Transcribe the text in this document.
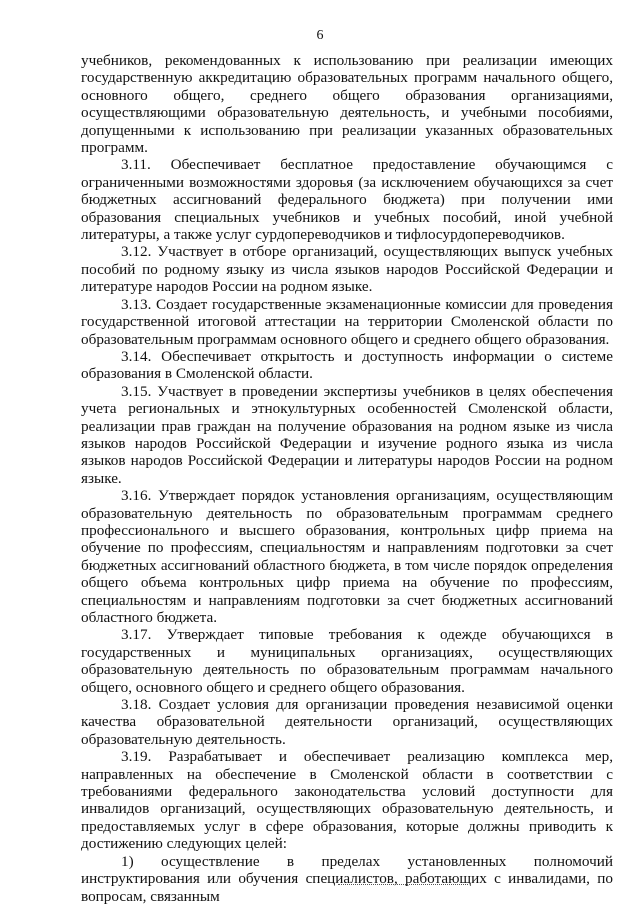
6

учебников, рекомендованных к использованию при реализации имеющих государственную аккредитацию образовательных программ начального общего, основного общего, среднего общего образования организациями, осуществляющими образовательную деятельность, и учебными пособиями, допущенными к использованию при реализации указанных образовательных программ.

3.11. Обеспечивает бесплатное предоставление обучающимся с ограниченными возможностями здоровья (за исключением обучающихся за счет бюджетных ассигнований федерального бюджета) при получении ими образования специальных учебников и учебных пособий, иной учебной литературы, а также услуг сурдопереводчиков и тифлосурдопереводчиков.

3.12. Участвует в отборе организаций, осуществляющих выпуск учебных пособий по родному языку из числа языков народов Российской Федерации и литературе народов России на родном языке.

3.13. Создает государственные экзаменационные комиссии для проведения государственной итоговой аттестации на территории Смоленской области по образовательным программам основного общего и среднего общего образования.

3.14. Обеспечивает открытость и доступность информации о системе образования в Смоленской области.

3.15. Участвует в проведении экспертизы учебников в целях обеспечения учета региональных и этнокультурных особенностей Смоленской области, реализации прав граждан на получение образования на родном языке из числа языков народов Российской Федерации и изучение родного языка из числа языков народов Российской Федерации и литературы народов России на родном языке.

3.16. Утверждает порядок установления организациям, осуществляющим образовательную деятельность по образовательным программам среднего профессионального и высшего образования, контрольных цифр приема на обучение по профессиям, специальностям и направлениям подготовки за счет бюджетных ассигнований областного бюджета, в том числе порядок определения общего объема контрольных цифр приема на обучение по профессиям, специальностям и направлениям подготовки за счет бюджетных ассигнований областного бюджета.

3.17. Утверждает типовые требования к одежде обучающихся в государственных и муниципальных организациях, осуществляющих образовательную деятельность по образовательным программам начального общего, основного общего и среднего общего образования.

3.18. Создает условия для организации проведения независимой оценки качества образовательной деятельности организаций, осуществляющих образовательную деятельность.

3.19. Разрабатывает и обеспечивает реализацию комплекса мер, направленных на обеспечение в Смоленской области в соответствии с требованиями федерального законодательства условий доступности для инвалидов организаций, осуществляющих образовательную деятельность, и предоставляемых услуг в сфере образования, которые должны приводить к достижению следующих целей:

1) осуществление в пределах установленных полномочий инструктирования или обучения специалистов, работающих с инвалидами, по вопросам, связанным
